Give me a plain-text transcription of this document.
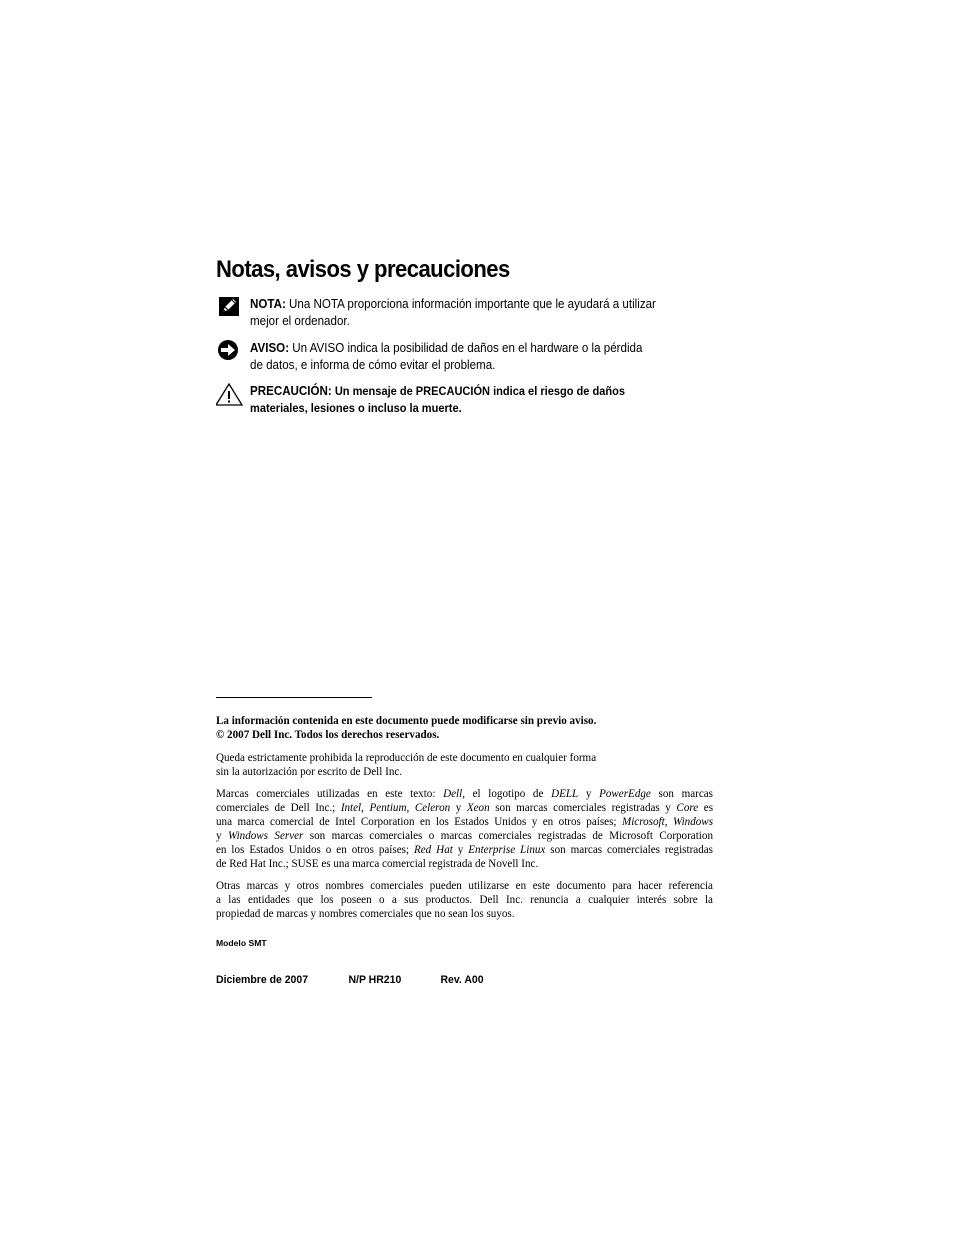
Notas, avisos y precauciones
NOTA: Una NOTA proporciona información importante que le ayudará a utilizar
mejor el ordenador.
AVISO: Un AVISO indica la posibilidad de daños en el hardware o la pérdida
de datos, e informa de cómo evitar el problema.
PRECAUCIÓN: Un mensaje de PRECAUCIÓN indica el riesgo de daños
materiales, lesiones o incluso la muerte.
La información contenida en este documento puede modificarse sin previo aviso.
© 2007 Dell Inc. Todos los derechos reservados.
Queda estrictamente prohibida la reproducción de este documento en cualquier forma
sin la autorización por escrito de Dell Inc.
Marcas comerciales utilizadas en este texto: Dell, el logotipo de DELL y PowerEdge son marcas
comerciales de Dell Inc.; Intel, Pentium, Celeron y Xeon son marcas comerciales registradas y Core es
una marca comercial de Intel Corporation en los Estados Unidos y en otros países; Microsoft, Windows
y Windows Server son marcas comerciales o marcas comerciales registradas de Microsoft Corporation
en los Estados Unidos o en otros países; Red Hat y Enterprise Linux son marcas comerciales registradas
de Red Hat Inc.; SUSE es una marca comercial registrada de Novell Inc.
Otras marcas y otros nombres comerciales pueden utilizarse en este documento para hacer referencia
a las entidades que los poseen o a sus productos. Dell Inc. renuncia a cualquier interés sobre la
propiedad de marcas y nombres comerciales que no sean los suyos.
Modelo SMT
Diciembre de 2007	N/P HR210	Rev. A00
